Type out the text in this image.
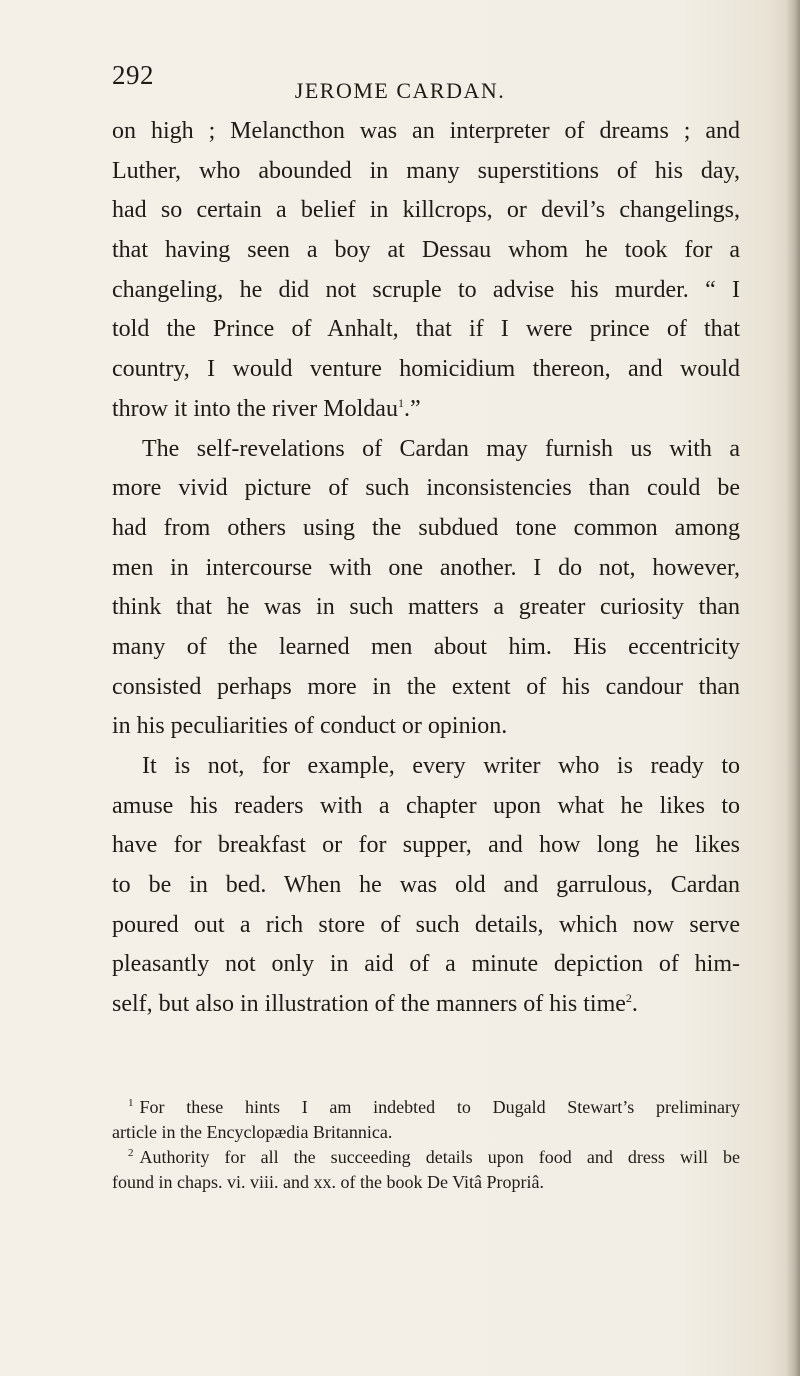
292

JEROME CARDAN.

on high ; Melancthon was an interpreter of dreams ; and
Luther, who abounded in many superstitions of his day,
had so certain a belief in killcrops, or devil’s changelings,
that having seen a boy at Dessau whom he took for a
changeling, he did not scruple to advise his murder. “ I
told the Prince of Anhalt, that if I were prince of that
country, I would venture homicidium thereon, and would
throw it into the river Moldau$^1$.”
The self-revelations of Cardan may furnish us with a
more vivid picture of such inconsistencies than could be
had from others using the subdued tone common among
men in intercourse with one another. I do not, however,
think that he was in such matters a greater curiosity than
many of the learned men about him. His eccentricity
consisted perhaps more in the extent of his candour than
in his peculiarities of conduct or opinion.
It is not, for example, every writer who is ready to
amuse his readers with a chapter upon what he likes to
have for breakfast or for supper, and how long he likes
to be in bed. When he was old and garrulous, Cardan
poured out a rich store of such details, which now serve
pleasantly not only in aid of a minute depiction of him-
self, but also in illustration of the manners of his time$^2$.
$^1$ For these hints I am indebted to Dugald Stewart’s preliminary
article in the Encyclopædia Britannica.
$^2$ Authority for all the succeeding details upon food and dress will be
found in chaps. vi. viii. and xx. of the book De Vitâ Propriâ.
